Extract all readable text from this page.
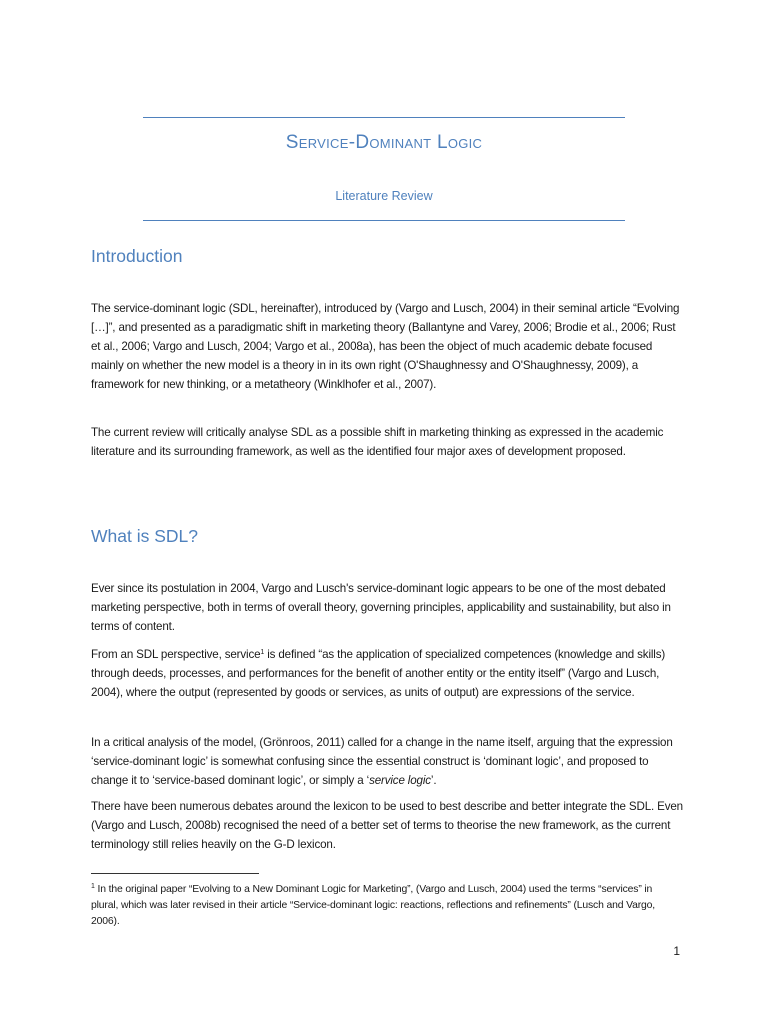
Service-Dominant Logic
Literature Review
Introduction

The service-dominant logic (SDL, hereinafter), introduced by (Vargo and Lusch, 2004) in their seminal article “Evolving […]”, and presented as a paradigmatic shift in marketing theory (Ballantyne and Varey, 2006; Brodie et al., 2006; Rust et al., 2006; Vargo and Lusch, 2004; Vargo et al., 2008a), has been the object of much academic debate focused mainly on whether the new model is a theory in in its own right (O'Shaughnessy and O'Shaughnessy, 2009), a framework for new thinking, or a metatheory (Winklhofer et al., 2007).

The current review will critically analyse SDL as a possible shift in marketing thinking as expressed in the academic literature and its surrounding framework, as well as the identified four major axes of development proposed.

What is SDL?

Ever since its postulation in 2004, Vargo and Lusch's service-dominant logic appears to be one of the most debated marketing perspective, both in terms of overall theory, governing principles, applicability and sustainability, but also in terms of content.

From an SDL perspective, service$^1$ is defined “as the application of specialized competences (knowledge and skills) through deeds, processes, and performances for the benefit of another entity or the entity itself” (Vargo and Lusch, 2004), where the output (represented by goods or services, as units of output) are expressions of the service.

In a critical analysis of the model, (Grönroos, 2011) called for a change in the name itself, arguing that the expression ‘service-dominant logic’ is somewhat confusing since the essential construct is ‘dominant logic’, and proposed to change it to ‘service-based dominant logic’, or simply a ‘service logic’.

There have been numerous debates around the lexicon to be used to best describe and better integrate the SDL. Even (Vargo and Lusch, 2008b) recognised the need of a better set of terms to theorise the new framework, as the current terminology still relies heavily on the G-D lexicon.

$^1$ In the original paper “Evolving to a New Dominant Logic for Marketing”, (Vargo and Lusch, 2004) used the terms “services” in plural, which was later revised in their article “Service-dominant logic: reactions, reflections and refinements” (Lusch and Vargo, 2006).

1
